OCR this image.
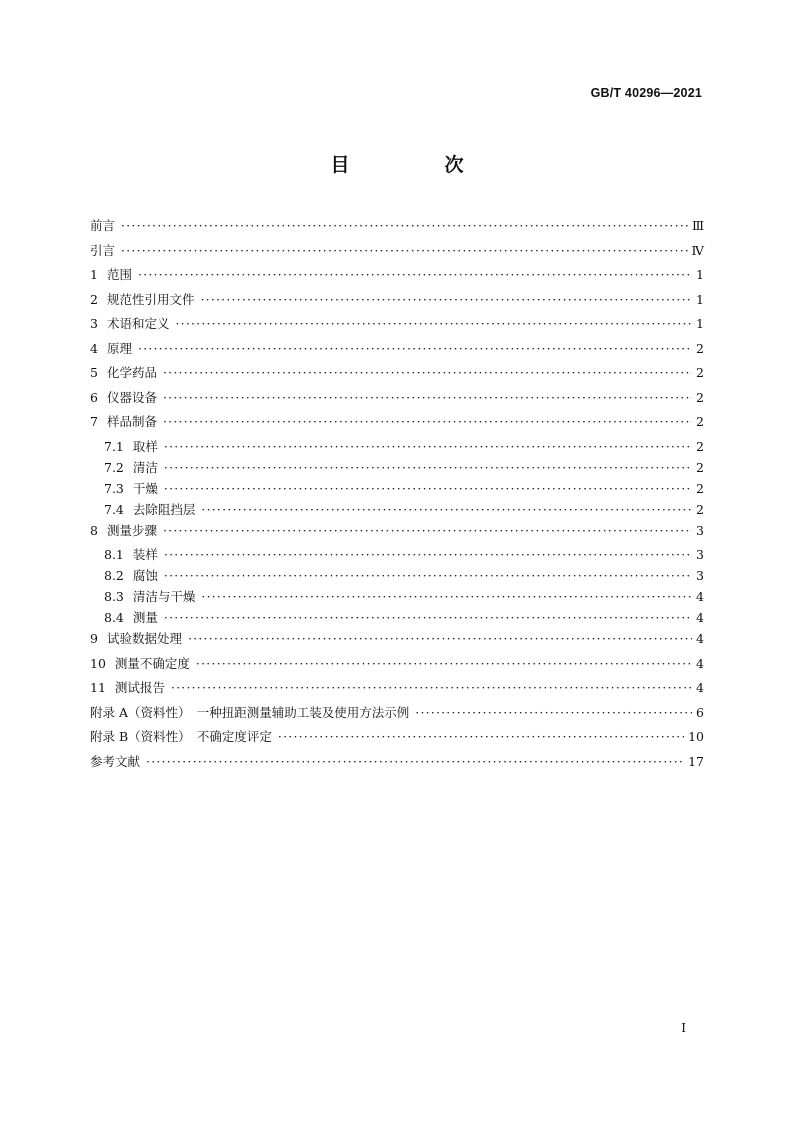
GB/T 40296—2021
目　次
前言 ·····	Ⅲ
引言 ·····	Ⅳ
1 范围 ·····	1
2 规范性引用文件 ·····	1
3 术语和定义 ·····	1
4 原理 ·····	2
5 化学药品 ·····	2
6 仪器设备 ·····	2
7 样品制备 ·····	2
7.1 取样 ·····	2
7.2 清洁 ·····	2
7.3 干燥 ·····	2
7.4 去除阻挡层 ·····	2
8 测量步骤 ·····	3
8.1 装样 ·····	3
8.2 腐蚀 ·····	3
8.3 清洁与干燥 ·····	4
8.4 测量 ·····	4
9 试验数据处理 ·····	4
10 测量不确定度 ·····	4
11 测试报告 ·····	4
附录 A（资料性）　一种扭距测量辅助工装及使用方法示例 ·····	6
附录 B（资料性）　不确定度评定 ·····	10
参考文献 ·····	17
Ⅰ
